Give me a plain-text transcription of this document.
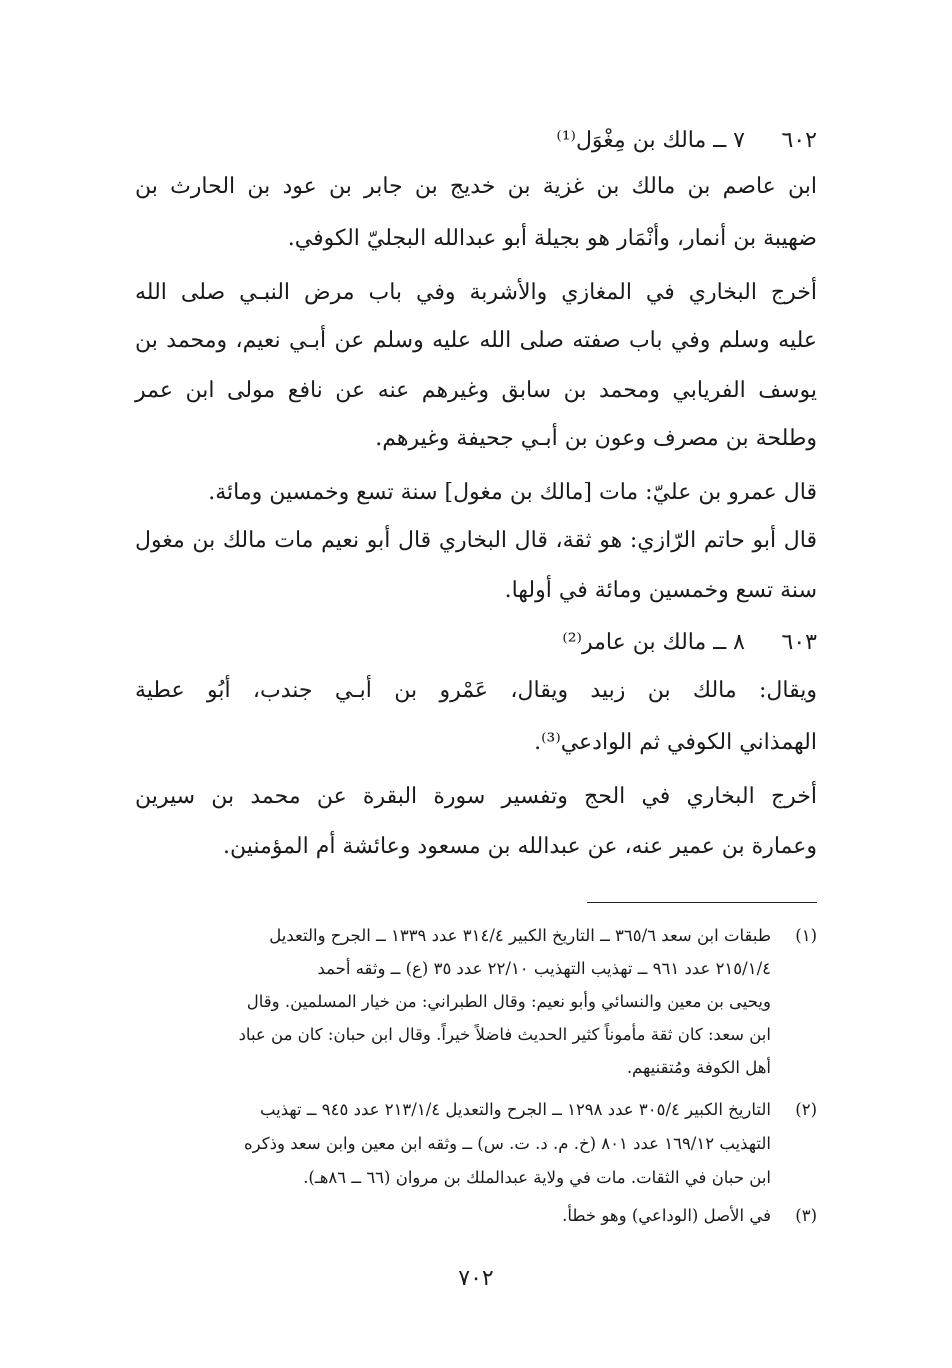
٦٠٢٧ ــ مالك بن مِغْوَل⁽¹⁾
ابن عاصم بن مالك بن غزية بن خديج بن جابر بن عود بن الحارث بن
ضهيبة بن أنمار، وأنْمَار هو بجيلة أبو عبدالله البجليّ الكوفي.
أخرج البخاري في المغازي والأشربة وفي باب مرض النبـي صلى الله
عليه وسلم وفي باب صفته صلى الله عليه وسلم عن أبـي نعيم، ومحمد بن
يوسف الفريابي ومحمد بن سابق وغيرهم عنه عن نافع مولى ابن عمر
وطلحة بن مصرف وعون بن أبـي جحيفة وغيرهم.
قال عمرو بن عليّ: مات [مالك بن مغول] سنة تسع وخمسين ومائة.
قال أبو حاتم الرّازي: هو ثقة، قال البخاري قال أبو نعيم مات مالك بن مغول
سنة تسع وخمسين ومائة في أولها.
٦٠٣٨ ــ مالك بن عامر⁽²⁾
ويقال: مالك بن زبيد ويقال، عَمْرو بن أبـي جندب، أبُو عطية
الهمذاني الكوفي ثم الوادعي⁽³⁾.
أخرج البخاري في الحج وتفسير سورة البقرة عن محمد بن سيرين
وعمارة بن عمير عنه، عن عبدالله بن مسعود وعائشة أم المؤمنين.
(١)طبقات ابن سعد ٣٦٥/٦ ــ التاريخ الكبير ٣١٤/٤ عدد ١٣٣٩ ــ الجرح والتعديل
٢١٥/١/٤ عدد ٩٦١ ــ تهذيب التهذيب ٢٢/١٠ عدد ٣٥ (ع) ــ وثقه أحمد
ويحيى بن معين والنسائي وأبو نعيم: وقال الطبراني: من خيار المسلمين. وقال
ابن سعد: كان ثقة مأموناً كثير الحديث فاضلاً خيراً. وقال ابن حبان: كان من عباد
أهل الكوفة ومُتقنيهم.
(٢)التاريخ الكبير ٣٠٥/٤ عدد ١٢٩٨ ــ الجرح والتعديل ٢١٣/١/٤ عدد ٩٤٥ ــ تهذيب
التهذيب ١٦٩/١٢ عدد ٨٠١ (خ. م. د. ت. س) ــ وثقه ابن معين وابن سعد وذكره
ابن حبان في الثقات. مات في ولاية عبدالملك بن مروان (٦٦ ــ ٨٦هـ).
(٣)في الأصل (الوداعي) وهو خطأ.
٧٠٢
